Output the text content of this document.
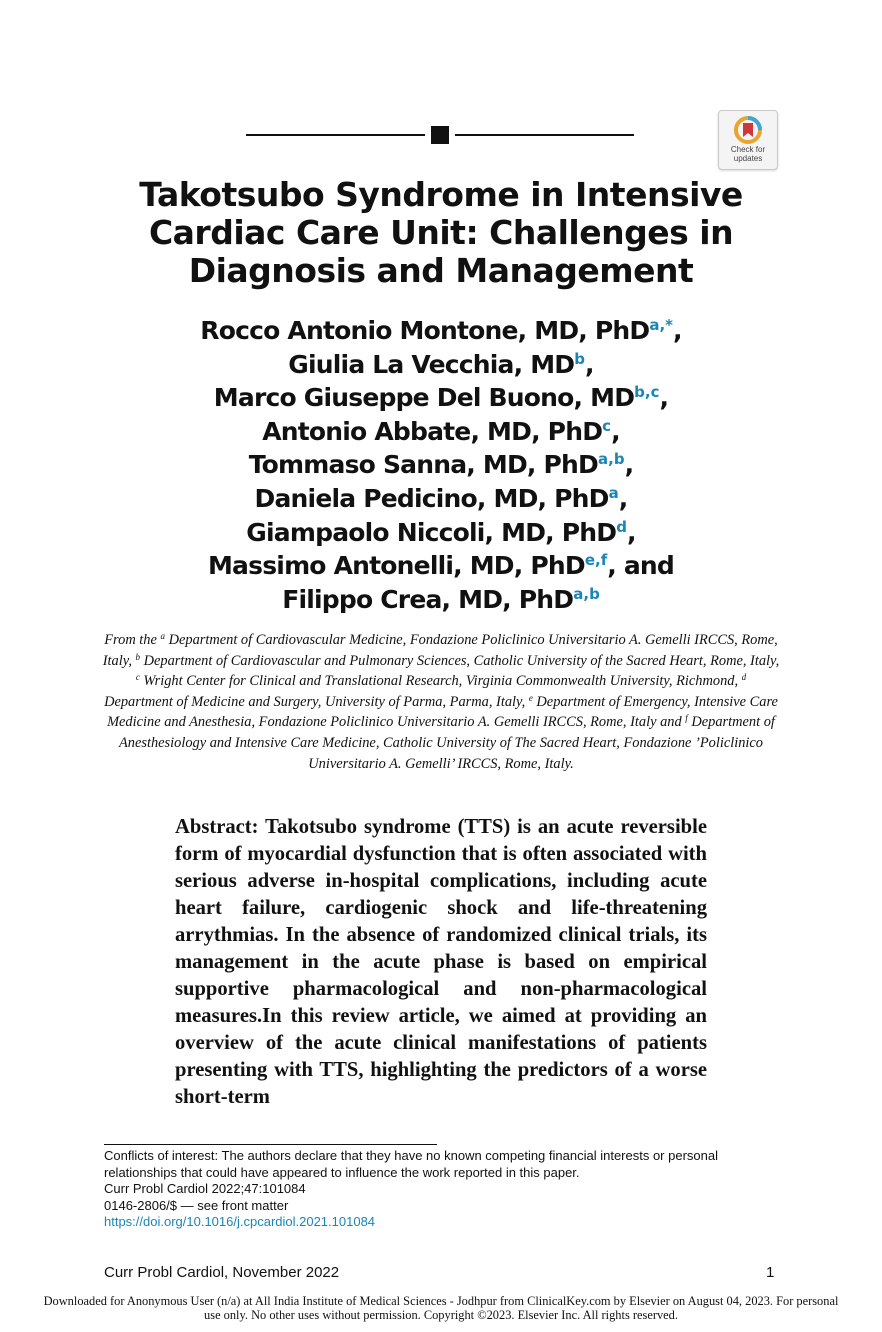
Check for
updates
Takotsubo Syndrome in Intensive Cardiac Care Unit: Challenges in Diagnosis and Management
Rocco Antonio Montone, MD, PhD$^{a,*}$,
Giulia La Vecchia, $MD^b$,
Marco Giuseppe Del Buono, MD$^{b,c}$,
Antonio Abbate, MD, PhD$^c$,
Tommaso Sanna, MD, PhD$^{a,b}$,
Daniela Pedicino, MD, PhD$^a$,
Giampaolo Niccoli, MD, PhD$^d$,
Massimo Antonelli, MD, PhD$^{e,f}$, and
Filippo Crea, MD, PhD$^{a,b}$
From the $^a$ Department of Cardiovascular Medicine, Fondazione Policlinico Universitario A. Gemelli IRCCS, Rome, Italy, $^b$ Department of Cardiovascular and Pulmonary Sciences, Catholic University of the Sacred Heart, Rome, Italy, $^c$ Wright Center for Clinical and Translational Research, Virginia Commonwealth University, Richmond, $^d$ Department of Medicine and Surgery, University of Parma, Parma, Italy, $^e$ Department of Emergency, Intensive Care Medicine and Anesthesia, Fondazione Policlinico Universitario A. Gemelli IRCCS, Rome, Italy and $^f$ Department of Anesthesiology and Intensive Care Medicine, Catholic University of The Sacred Heart, Fondazione ’Policlinico Universitario A. Gemelli’ IRCCS, Rome, Italy.
Abstract: Takotsubo syndrome (TTS) is an acute reversible form of myocardial dysfunction that is often associated with serious adverse in-hospital complications, including acute heart failure, cardiogenic shock and life-threatening arrythmias. In the absence of randomized clinical trials, its management in the acute phase is based on empirical supportive pharmacological and non-pharmacological measures.In this review article, we aimed at providing an overview of the acute clinical manifestations of patients presenting with TTS, highlighting the predictors of a worse short-term
Conflicts of interest: The authors declare that they have no known competing financial interests or personal relationships that could have appeared to influence the work reported in this paper.
Curr Probl Cardiol 2022;47:101084
0146-2806/$ — see front matter
https://doi.org/10.1016/j.cpcardiol.2021.101084
Curr Probl Cardiol, November 2022	1
Downloaded for Anonymous User (n/a) at All India Institute of Medical Sciences - Jodhpur from ClinicalKey.com by Elsevier on August 04, 2023. For personal use only. No other uses without permission. Copyright ©2023. Elsevier Inc. All rights reserved.
